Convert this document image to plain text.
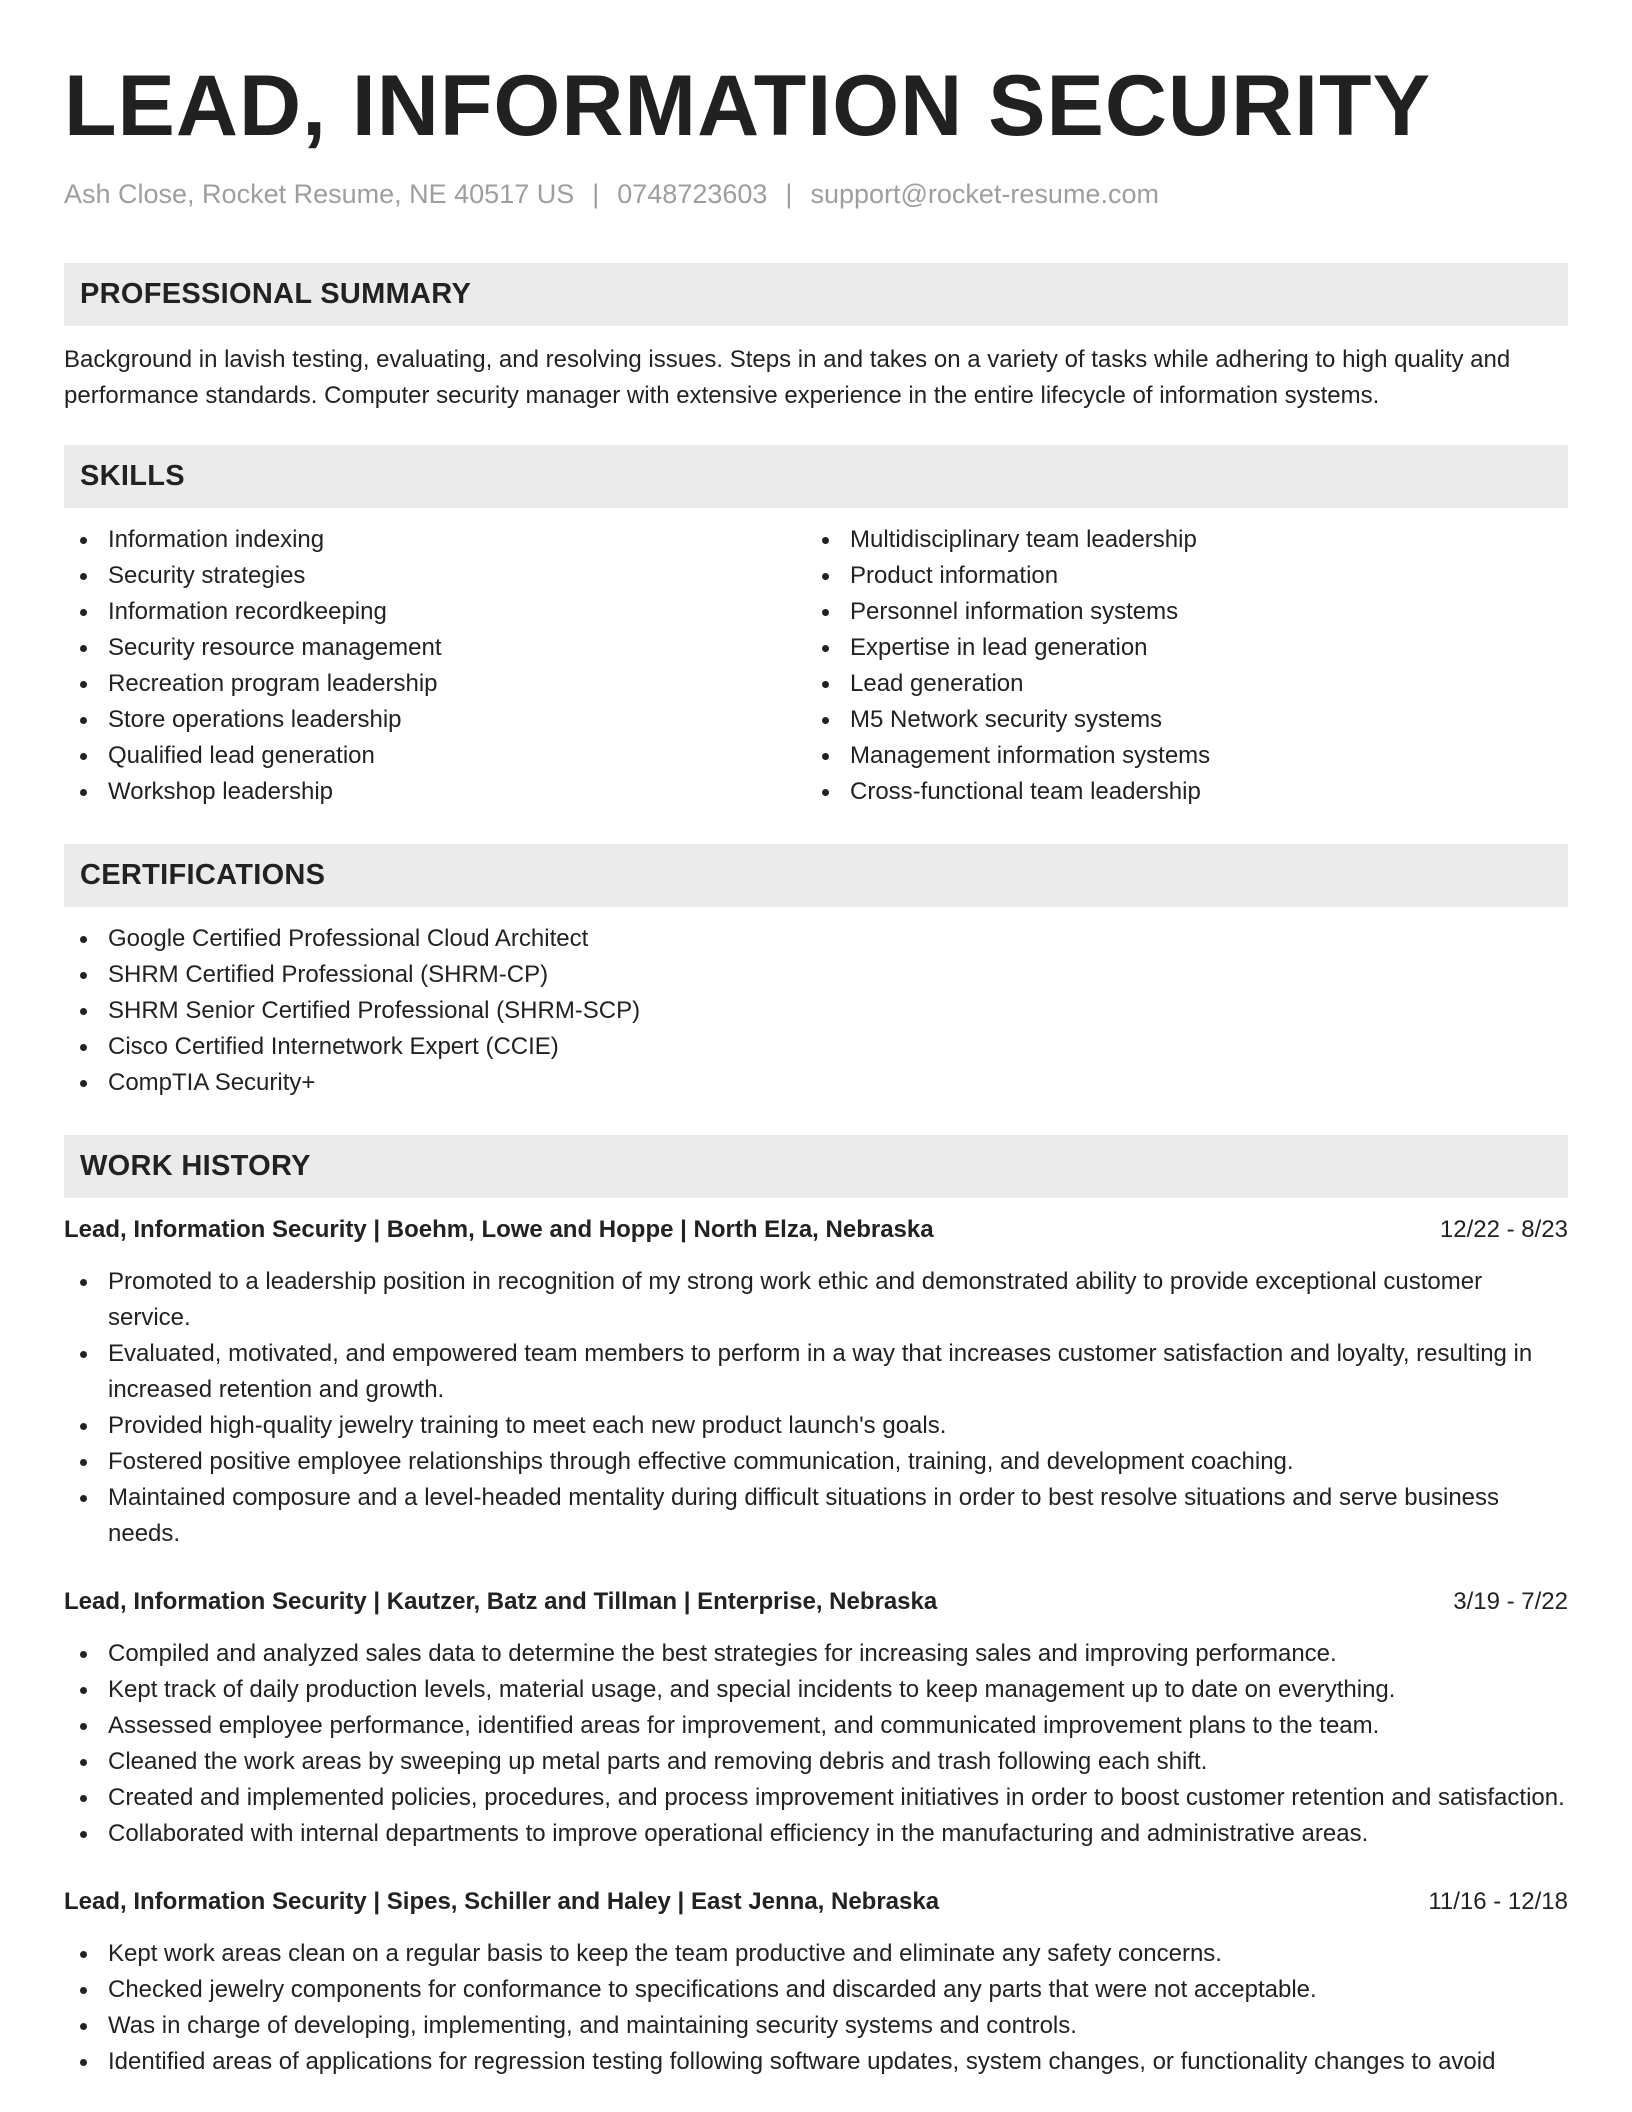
LEAD, INFORMATION SECURITY
Ash Close, Rocket Resume, NE 40517 US | 0748723603 | support@rocket-resume.com
PROFESSIONAL SUMMARY

Background in lavish testing, evaluating, and resolving issues. Steps in and takes on a variety of tasks while adhering to high quality and performance standards. Computer security manager with extensive experience in the entire lifecycle of information systems.

SKILLS
Information indexing
Security strategies
Information recordkeeping
Security resource management
Recreation program leadership
Store operations leadership
Qualified lead generation
Workshop leadership
Multidisciplinary team leadership
Product information
Personnel information systems
Expertise in lead generation
Lead generation
M5 Network security systems
Management information systems
Cross-functional team leadership
CERTIFICATIONS
Google Certified Professional Cloud Architect
SHRM Certified Professional (SHRM-CP)
SHRM Senior Certified Professional (SHRM-SCP)
Cisco Certified Internetwork Expert (CCIE)
CompTIA Security+
WORK HISTORY
Lead, Information Security | Boehm, Lowe and Hoppe | North Elza, Nebraska	12/22 - 8/23
Promoted to a leadership position in recognition of my strong work ethic and demonstrated ability to provide exceptional customer service.
Evaluated, motivated, and empowered team members to perform in a way that increases customer satisfaction and loyalty, resulting in increased retention and growth.
Provided high-quality jewelry training to meet each new product launch's goals.
Fostered positive employee relationships through effective communication, training, and development coaching.
Maintained composure and a level-headed mentality during difficult situations in order to best resolve situations and serve business needs.
Lead, Information Security | Kautzer, Batz and Tillman | Enterprise, Nebraska	3/19 - 7/22
Compiled and analyzed sales data to determine the best strategies for increasing sales and improving performance.
Kept track of daily production levels, material usage, and special incidents to keep management up to date on everything.
Assessed employee performance, identified areas for improvement, and communicated improvement plans to the team.
Cleaned the work areas by sweeping up metal parts and removing debris and trash following each shift.
Created and implemented policies, procedures, and process improvement initiatives in order to boost customer retention and satisfaction.
Collaborated with internal departments to improve operational efficiency in the manufacturing and administrative areas.
Lead, Information Security | Sipes, Schiller and Haley | East Jenna, Nebraska	11/16 - 12/18
Kept work areas clean on a regular basis to keep the team productive and eliminate any safety concerns.
Checked jewelry components for conformance to specifications and discarded any parts that were not acceptable.
Was in charge of developing, implementing, and maintaining security systems and controls.
Identified areas of applications for regression testing following software updates, system changes, or functionality changes to avoid
